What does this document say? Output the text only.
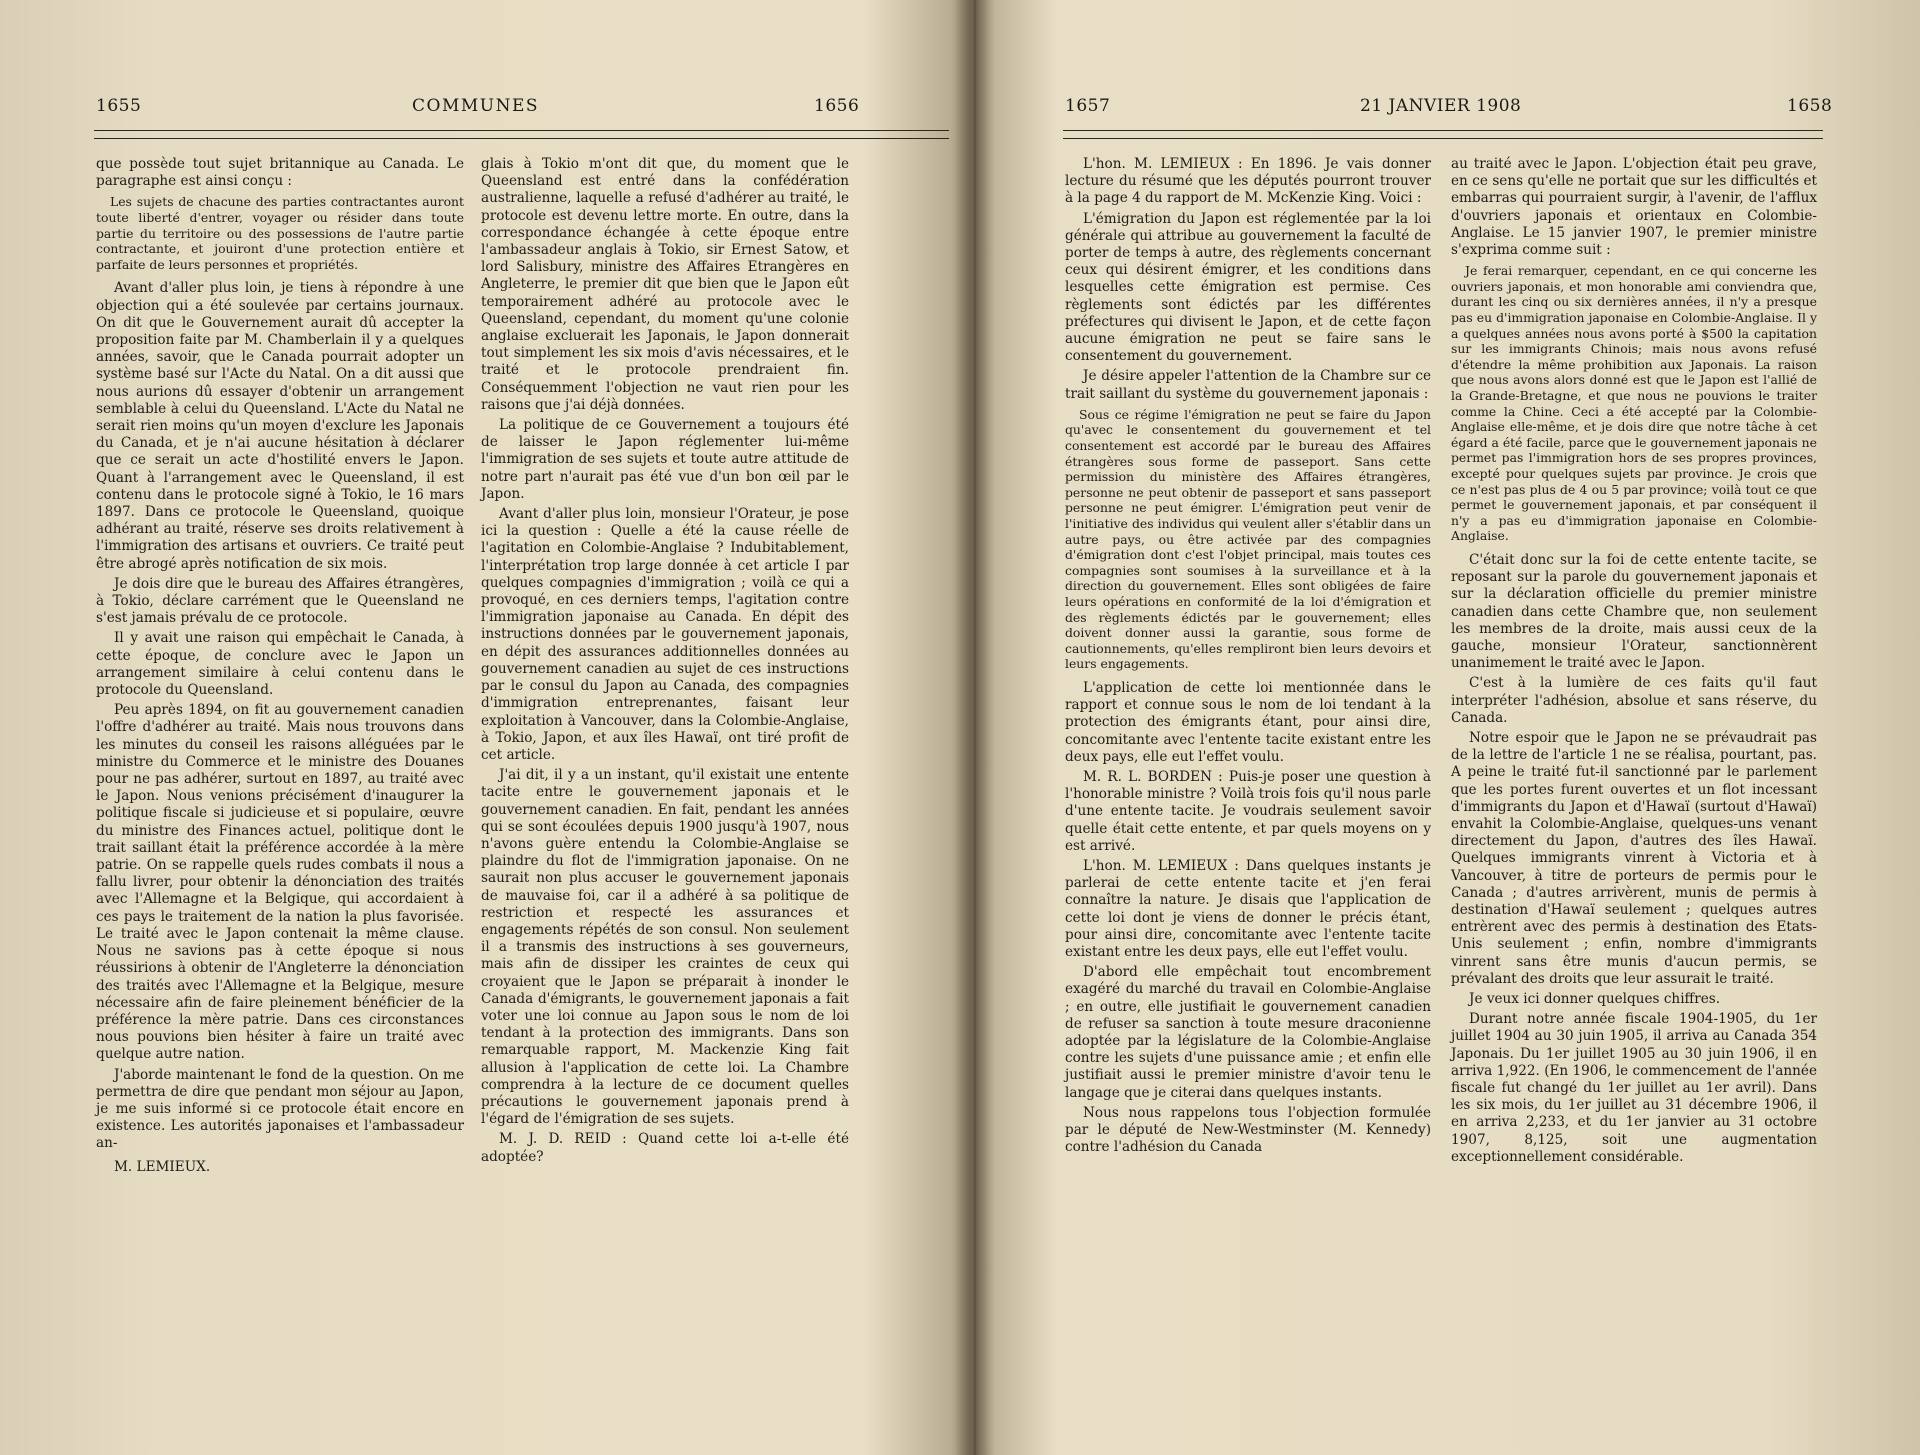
1655	COMMUNES	1656

que possède tout sujet britannique au Canada. Le paragraphe est ainsi conçu :

Les sujets de chacune des parties contractantes auront toute liberté d'entrer, voyager ou résider dans toute partie du territoire ou des possessions de l'autre partie contractante, et jouiront d'une protection entière et parfaite de leurs personnes et propriétés.

Avant d'aller plus loin, je tiens à répondre à une objection qui a été soulevée par certains journaux. On dit que le Gouvernement aurait dû accepter la proposition faite par M. Chamberlain il y a quelques années, savoir, que le Canada pourrait adopter un système basé sur l'Acte du Natal. On a dit aussi que nous aurions dû essayer d'obtenir un arrangement semblable à celui du Queensland. L'Acte du Natal ne serait rien moins qu'un moyen d'exclure les Japonais du Canada, et je n'ai aucune hésitation à déclarer que ce serait un acte d'hostilité envers le Japon. Quant à l'arrangement avec le Queensland, il est contenu dans le protocole signé à Tokio, le 16 mars 1897. Dans ce protocole le Queensland, quoique adhérant au traité, réserve ses droits relativement à l'immigration des artisans et ouvriers. Ce traité peut être abrogé après notification de six mois.

Je dois dire que le bureau des Affaires étrangères, à Tokio, déclare carrément que le Queensland ne s'est jamais prévalu de ce protocole.

Il y avait une raison qui empêchait le Canada, à cette époque, de conclure avec le Japon un arrangement similaire à celui contenu dans le protocole du Queensland.

Peu après 1894, on fit au gouvernement canadien l'offre d'adhérer au traité. Mais nous trouvons dans les minutes du conseil les raisons alléguées par le ministre du Commerce et le ministre des Douanes pour ne pas adhérer, surtout en 1897, au traité avec le Japon. Nous venions précisément d'inaugurer la politique fiscale si judicieuse et si populaire, œuvre du ministre des Finances actuel, politique dont le trait saillant était la préférence accordée à la mère patrie. On se rappelle quels rudes combats il nous a fallu livrer, pour obtenir la dénonciation des traités avec l'Allemagne et la Belgique, qui accordaient à ces pays le traitement de la nation la plus favorisée. Le traité avec le Japon contenait la même clause. Nous ne savions pas à cette époque si nous réussirions à obtenir de l'Angleterre la dénonciation des traités avec l'Allemagne et la Belgique, mesure nécessaire afin de faire pleinement bénéficier de la préférence la mère patrie. Dans ces circonstances nous pouvions bien hésiter à faire un traité avec quelque autre nation.

J'aborde maintenant le fond de la question. On me permettra de dire que pendant mon séjour au Japon, je me suis informé si ce protocole était encore en existence. Les autorités japonaises et l'ambassadeur an-

M. LEMIEUX.

glais à Tokio m'ont dit que, du moment que le Queensland est entré dans la confédération australienne, laquelle a refusé d'adhérer au traité, le protocole est devenu lettre morte. En outre, dans la correspondance échangée à cette époque entre l'ambassadeur anglais à Tokio, sir Ernest Satow, et lord Salisbury, ministre des Affaires Etrangères en Angleterre, le premier dit que bien que le Japon eût temporairement adhéré au protocole avec le Queensland, cependant, du moment qu'une colonie anglaise excluerait les Japonais, le Japon donnerait tout simplement les six mois d'avis nécessaires, et le traité et le protocole prendraient fin. Conséquemment l'objection ne vaut rien pour les raisons que j'ai déjà données.

La politique de ce Gouvernement a toujours été de laisser le Japon réglementer lui-même l'immigration de ses sujets et toute autre attitude de notre part n'aurait pas été vue d'un bon œil par le Japon.

Avant d'aller plus loin, monsieur l'Orateur, je pose ici la question : Quelle a été la cause réelle de l'agitation en Colombie-Anglaise ? Indubitablement, l'interprétation trop large donnée à cet article I par quelques compagnies d'immigration ; voilà ce qui a provoqué, en ces derniers temps, l'agitation contre l'immigration japonaise au Canada. En dépit des instructions données par le gouvernement japonais, en dépit des assurances additionnelles données au gouvernement canadien au sujet de ces instructions par le consul du Japon au Canada, des compagnies d'immigration entreprenantes, faisant leur exploitation à Vancouver, dans la Colombie-Anglaise, à Tokio, Japon, et aux îles Hawaï, ont tiré profit de cet article.

J'ai dit, il y a un instant, qu'il existait une entente tacite entre le gouvernement japonais et le gouvernement canadien. En fait, pendant les années qui se sont écoulées depuis 1900 jusqu'à 1907, nous n'avons guère entendu la Colombie-Anglaise se plaindre du flot de l'immigration japonaise. On ne saurait non plus accuser le gouvernement japonais de mauvaise foi, car il a adhéré à sa politique de restriction et respecté les assurances et engagements répétés de son consul. Non seulement il a transmis des instructions à ses gouverneurs, mais afin de dissiper les craintes de ceux qui croyaient que le Japon se préparait à inonder le Canada d'émigrants, le gouvernement japonais a fait voter une loi connue au Japon sous le nom de loi tendant à la protection des immigrants. Dans son remarquable rapport, M. Mackenzie King fait allusion à l'application de cette loi. La Chambre comprendra à la lecture de ce document quelles précautions le gouvernement japonais prend à l'égard de l'émigration de ses sujets.

M. J. D. REID : Quand cette loi a-t-elle été adoptée?

1657	21 JANVIER 1908	1658

L'hon. M. LEMIEUX : En 1896. Je vais donner lecture du résumé que les députés pourront trouver à la page 4 du rapport de M. McKenzie King. Voici :

L'émigration du Japon est réglementée par la loi générale qui attribue au gouvernement la faculté de porter de temps à autre, des règlements concernant ceux qui désirent émigrer, et les conditions dans lesquelles cette émigration est permise. Ces règlements sont édictés par les différentes préfectures qui divisent le Japon, et de cette façon aucune émigration ne peut se faire sans le consentement du gouvernement.

Je désire appeler l'attention de la Chambre sur ce trait saillant du système du gouvernement japonais :

Sous ce régime l'émigration ne peut se faire du Japon qu'avec le consentement du gouvernement et tel consentement est accordé par le bureau des Affaires étrangères sous forme de passeport. Sans cette permission du ministère des Affaires étrangères, personne ne peut obtenir de passeport et sans passeport personne ne peut émigrer. L'émigration peut venir de l'initiative des individus qui veulent aller s'établir dans un autre pays, ou être activée par des compagnies d'émigration dont c'est l'objet principal, mais toutes ces compagnies sont soumises à la surveillance et à la direction du gouvernement. Elles sont obligées de faire leurs opérations en conformité de la loi d'émigration et des règlements édictés par le gouvernement; elles doivent donner aussi la garantie, sous forme de cautionnements, qu'elles rempliront bien leurs devoirs et leurs engagements.

L'application de cette loi mentionnée dans le rapport et connue sous le nom de loi tendant à la protection des émigrants étant, pour ainsi dire, concomitante avec l'entente tacite existant entre les deux pays, elle eut l'effet voulu.

M. R. L. BORDEN : Puis-je poser une question à l'honorable ministre ? Voilà trois fois qu'il nous parle d'une entente tacite. Je voudrais seulement savoir quelle était cette entente, et par quels moyens on y est arrivé.

L'hon. M. LEMIEUX : Dans quelques instants je parlerai de cette entente tacite et j'en ferai connaître la nature. Je disais que l'application de cette loi dont je viens de donner le précis étant, pour ainsi dire, concomitante avec l'entente tacite existant entre les deux pays, elle eut l'effet voulu.

D'abord elle empêchait tout encombrement exagéré du marché du travail en Colombie-Anglaise ; en outre, elle justifiait le gouvernement canadien de refuser sa sanction à toute mesure draconienne adoptée par la législature de la Colombie-Anglaise contre les sujets d'une puissance amie ; et enfin elle justifiait aussi le premier ministre d'avoir tenu le langage que je citerai dans quelques instants.

Nous nous rappelons tous l'objection formulée par le député de New-Westminster (M. Kennedy) contre l'adhésion du Canada

au traité avec le Japon. L'objection était peu grave, en ce sens qu'elle ne portait que sur les difficultés et embarras qui pourraient surgir, à l'avenir, de l'afflux d'ouvriers japonais et orientaux en Colombie-Anglaise. Le 15 janvier 1907, le premier ministre s'exprima comme suit :

Je ferai remarquer, cependant, en ce qui concerne les ouvriers japonais, et mon honorable ami conviendra que, durant les cinq ou six dernières années, il n'y a presque pas eu d'immigration japonaise en Colombie-Anglaise. Il y a quelques années nous avons porté à $500 la capitation sur les immigrants Chinois; mais nous avons refusé d'étendre la même prohibition aux Japonais. La raison que nous avons alors donné est que le Japon est l'allié de la Grande-Bretagne, et que nous ne pouvions le traiter comme la Chine. Ceci a été accepté par la Colombie-Anglaise elle-même, et je dois dire que notre tâche à cet égard a été facile, parce que le gouvernement japonais ne permet pas l'immigration hors de ses propres provinces, excepté pour quelques sujets par province. Je crois que ce n'est pas plus de 4 ou 5 par province; voilà tout ce que permet le gouvernement japonais, et par conséquent il n'y a pas eu d'immigration japonaise en Colombie-Anglaise.

C'était donc sur la foi de cette entente tacite, se reposant sur la parole du gouvernement japonais et sur la déclaration officielle du premier ministre canadien dans cette Chambre que, non seulement les membres de la droite, mais aussi ceux de la gauche, monsieur l'Orateur, sanctionnèrent unanimement le traité avec le Japon.

C'est à la lumière de ces faits qu'il faut interpréter l'adhésion, absolue et sans réserve, du Canada.

Notre espoir que le Japon ne se prévaudrait pas de la lettre de l'article 1 ne se réalisa, pourtant, pas. A peine le traité fut-il sanctionné par le parlement que les portes furent ouvertes et un flot incessant d'immigrants du Japon et d'Hawaï (surtout d'Hawaï) envahit la Colombie-Anglaise, quelques-uns venant directement du Japon, d'autres des îles Hawaï. Quelques immigrants vinrent à Victoria et à Vancouver, à titre de porteurs de permis pour le Canada ; d'autres arrivèrent, munis de permis à destination d'Hawaï seulement ; quelques autres entrèrent avec des permis à destination des Etats-Unis seulement ; enfin, nombre d'immigrants vinrent sans être munis d'aucun permis, se prévalant des droits que leur assurait le traité.

Je veux ici donner quelques chiffres.

Durant notre année fiscale 1904-1905, du 1er juillet 1904 au 30 juin 1905, il arriva au Canada 354 Japonais. Du 1er juillet 1905 au 30 juin 1906, il en arriva 1,922. (En 1906, le commencement de l'année fiscale fut changé du 1er juillet au 1er avril). Dans les six mois, du 1er juillet au 31 décembre 1906, il en arriva 2,233, et du 1er janvier au 31 octobre 1907, 8,125, soit une augmentation exceptionnellement considérable.
